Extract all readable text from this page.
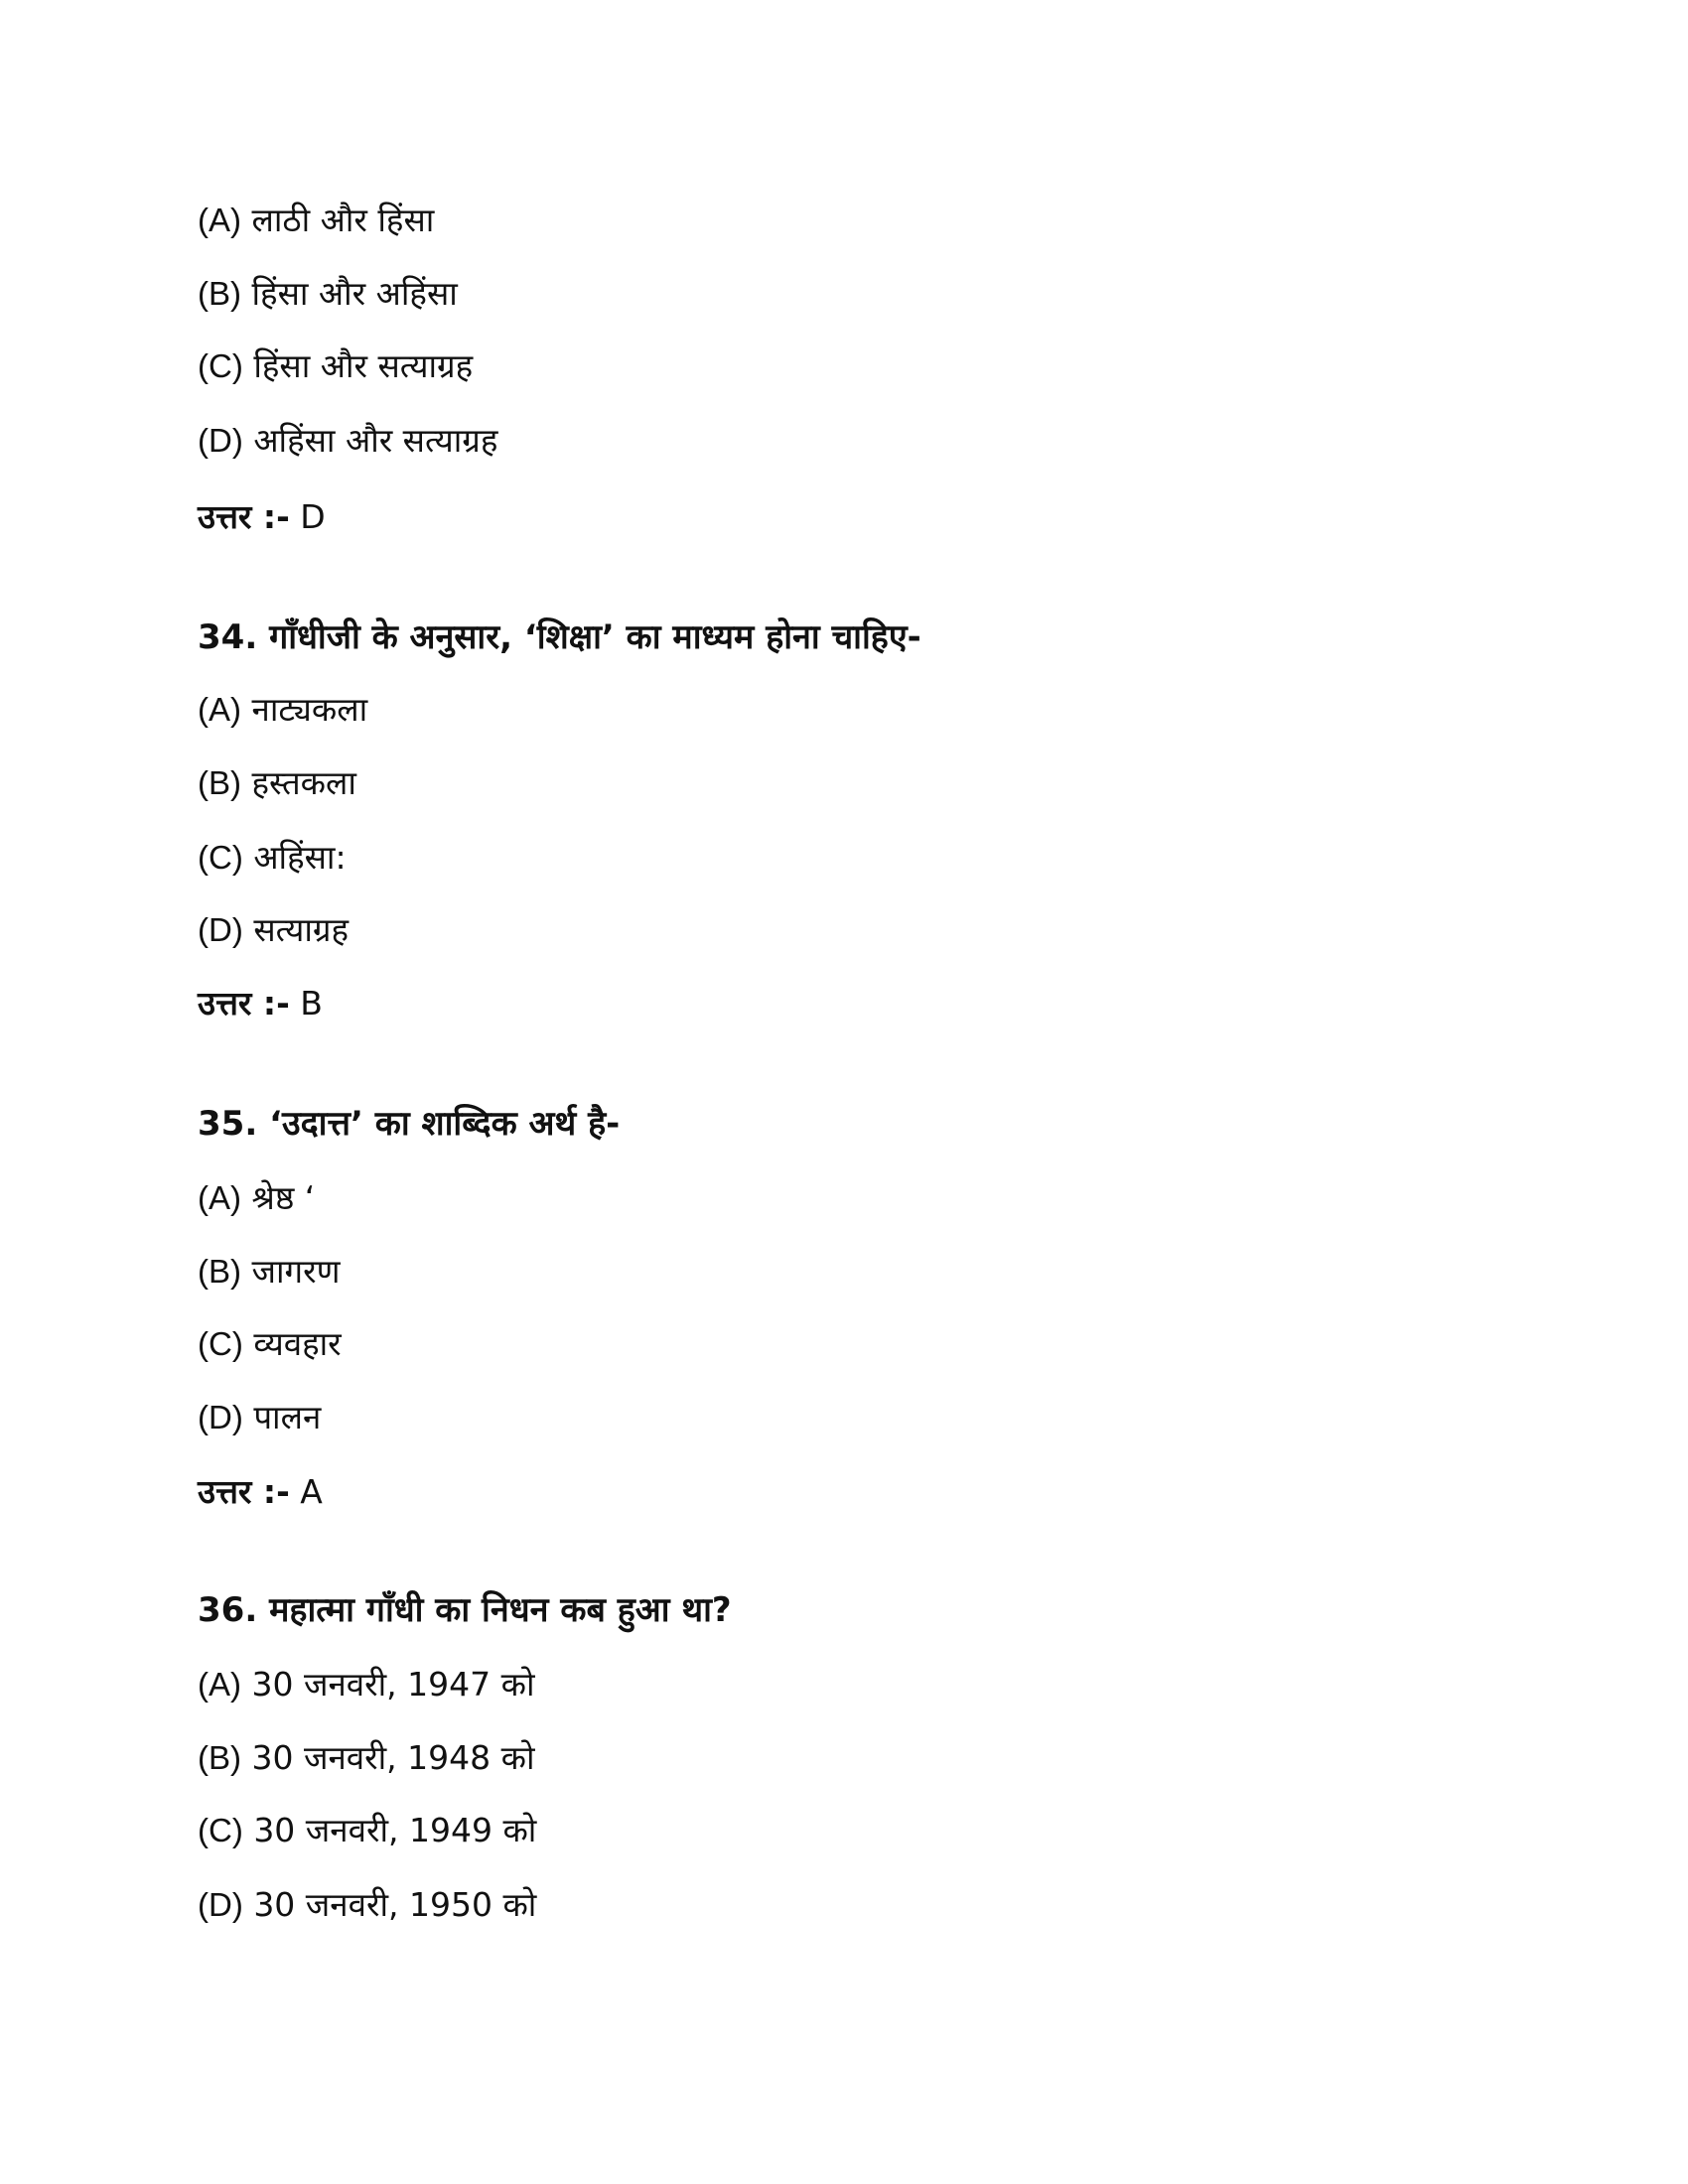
(A) लाठी और हिंसा
(B) हिंसा और अहिंसा
(C) हिंसा और सत्याग्रह
(D) अहिंसा और सत्याग्रह
उत्तर :- D
34. गाँधीजी के अनुसार, ‘शिक्षा’ का माध्यम होना चाहिए-
(A) नाट्यकला
(B) हस्तकला
(C) अहिंसा:
(D) सत्याग्रह
उत्तर :- B
35. ‘उदात्त’ का शाब्दिक अर्थ है-
(A) श्रेष्ठ ‘
(B) जागरण
(C) व्यवहार
(D) पालन
उत्तर :- A
36. महात्मा गाँधी का निधन कब हुआ था?
(A) 30 जनवरी, 1947 को
(B) 30 जनवरी, 1948 को
(C) 30 जनवरी, 1949 को
(D) 30 जनवरी, 1950 को
